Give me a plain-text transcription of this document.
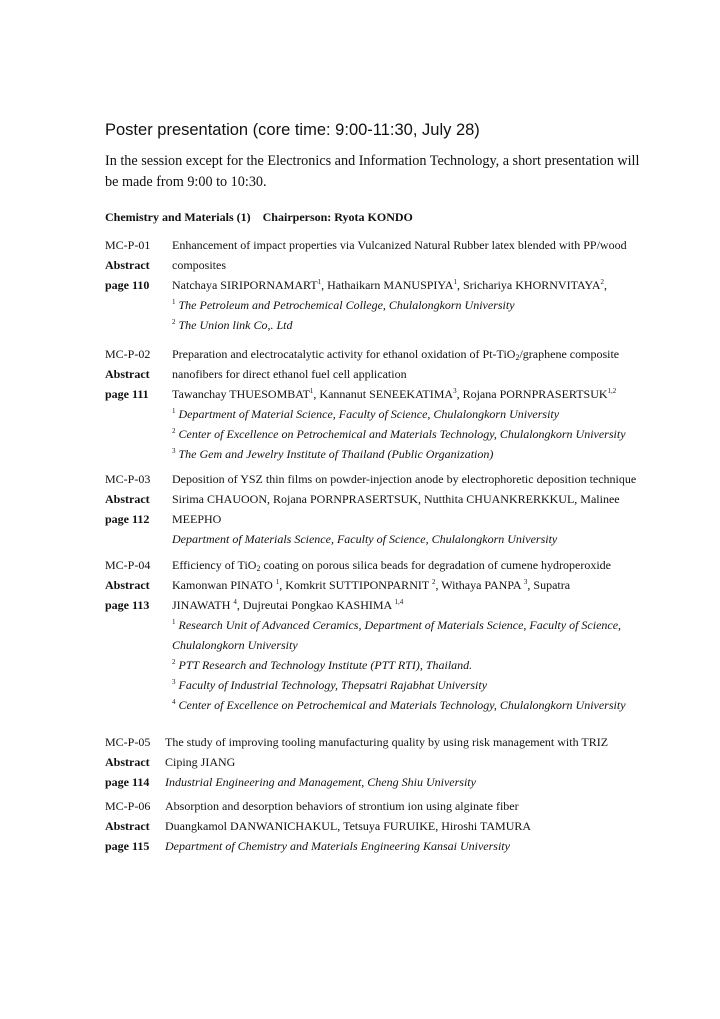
Poster presentation (core time: 9:00-11:30, July 28)
In the session except for the Electronics and Information Technology, a short presentation will be made from 9:00 to 10:30.
Chemistry and Materials (1) Chairperson: Ryota KONDO
MC-P-01
Abstract
page 110
Enhancement of impact properties via Vulcanized Natural Rubber latex blended with PP/wood
composites
Natchaya SIRIPORNAMART$^1$, Hathaikarn MANUSPIYA$^1$, Srichariya KHORNVITAYA$^2$,
$^1$ The Petroleum and Petrochemical College, Chulalongkorn University
$^2$ The Union link Co,. Ltd
MC-P-02
Abstract
page 111
Preparation and electrocatalytic activity for ethanol oxidation of Pt-TiO$_2$/graphene composite
nanofibers for direct ethanol fuel cell application
Tawanchay THUESOMBAT$^1$, Kannanut SENEEKATIMA$^3$, Rojana PORNPRASERTSUK$^{1,2}$
$^1$ Department of Material Science, Faculty of Science, Chulalongkorn University
$^2$ Center of Excellence on Petrochemical and Materials Technology, Chulalongkorn University
$^3$ The Gem and Jewelry Institute of Thailand (Public Organization)
MC-P-03
Abstract
page 112
Deposition of YSZ thin films on powder-injection anode by electrophoretic deposition technique
Sirima CHAUOON, Rojana PORNPRASERTSUK, Nutthita CHUANKRERKKUL, Malinee
MEEPHO
Department of Materials Science, Faculty of Science, Chulalongkorn University
MC-P-04
Abstract
page 113
Efficiency of TiO$_2$ coating on porous silica beads for degradation of cumene hydroperoxide
Kamonwan PINATO $^1$, Komkrit SUTTIPONPARNIT $^2$, Withaya PANPA $^3$, Supatra
JINAWATH $^4$, Dujreutai Pongkao KASHIMA $^{1,4}$
$^1$ Research Unit of Advanced Ceramics, Department of Materials Science, Faculty of Science,
Chulalongkorn University
$^2$ PTT Research and Technology Institute (PTT RTI), Thailand.
$^3$ Faculty of Industrial Technology, Thepsatri Rajabhat University
$^4$ Center of Excellence on Petrochemical and Materials Technology, Chulalongkorn University
MC-P-05
Abstract
page 114
The study of improving tooling manufacturing quality by using risk management with TRIZ
Ciping JIANG
Industrial Engineering and Management, Cheng Shiu University
MC-P-06
Abstract
page 115
Absorption and desorption behaviors of strontium ion using alginate fiber
Duangkamol DANWANICHAKUL, Tetsuya FURUIKE, Hiroshi TAMURA
Department of Chemistry and Materials Engineering Kansai University
